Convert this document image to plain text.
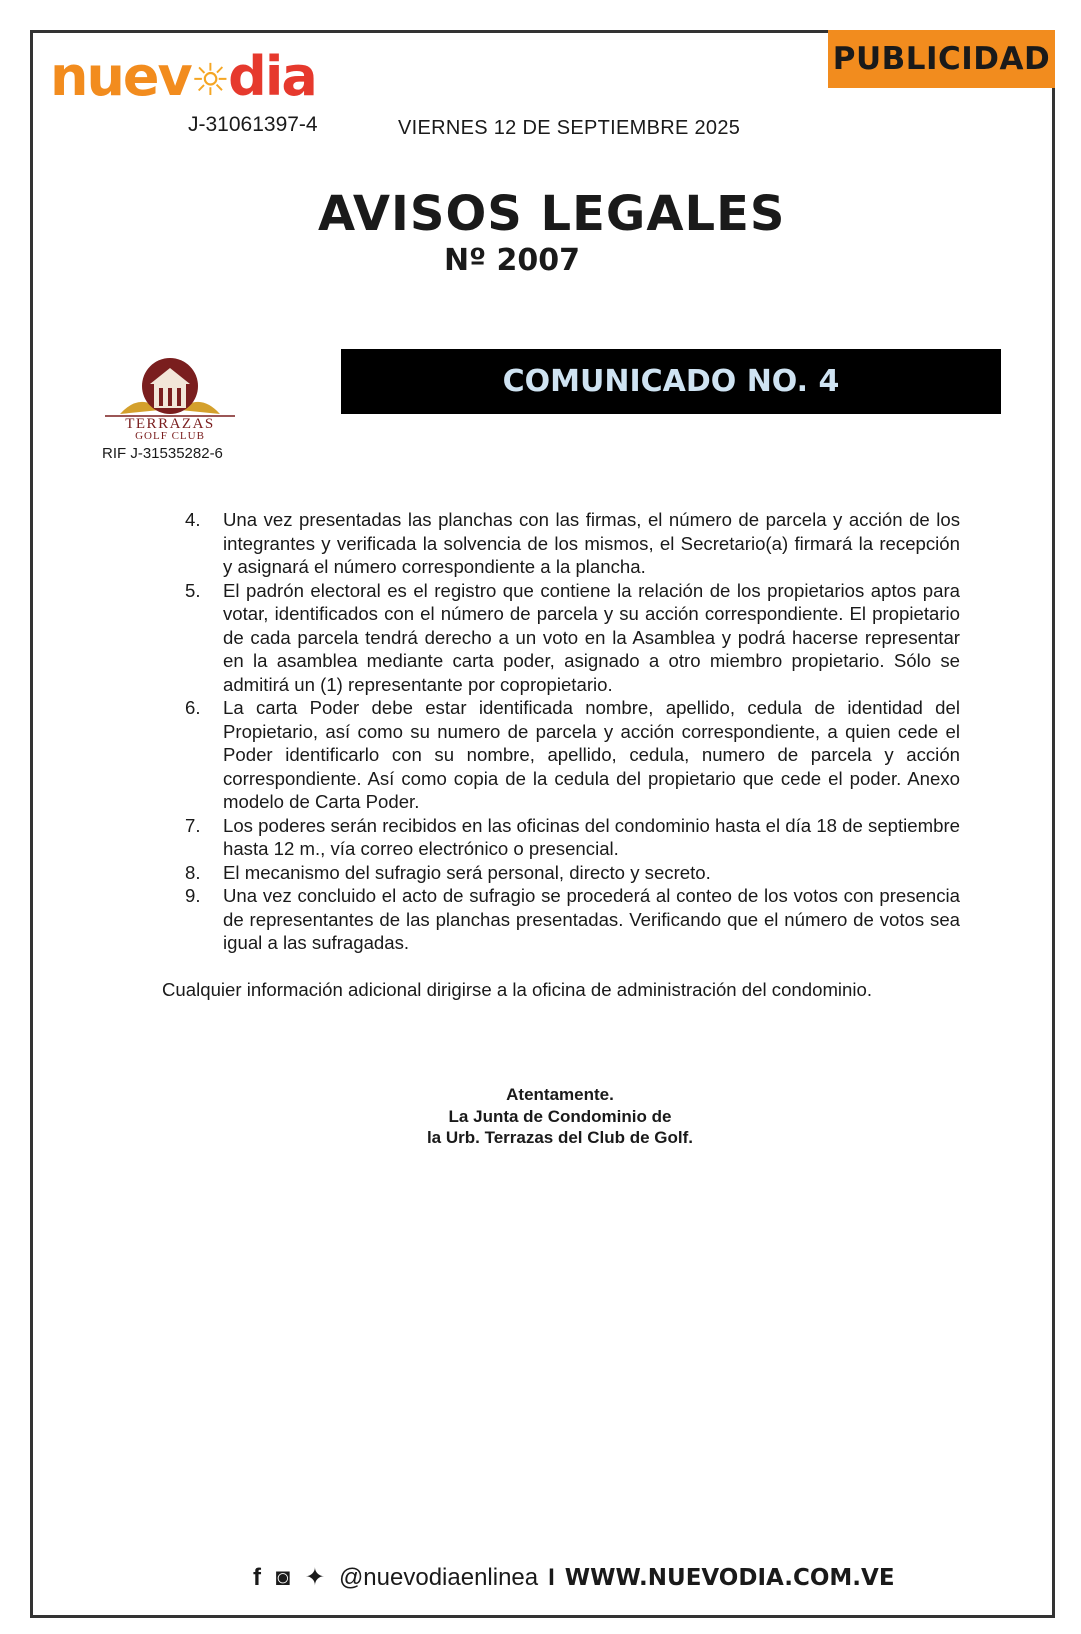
nuev☼dia
J-31061397-4	VIERNES 12 DE SEPTIEMBRE 2025
PUBLICIDAD
AVISOS LEGALES
Nº 2007
TERRAZAS
GOLF CLUB
RIF J-31535282-6
COMUNICADO NO. 4
4.	Una vez presentadas las planchas con las firmas, el número de parcela y acción de los integrantes y verificada la solvencia de los mismos, el Secretario(a) firmará la recepción y asignará el número correspondiente a la plancha.
5.	El padrón electoral es el registro que contiene la relación de los propietarios aptos para votar, identificados con el número de parcela y su acción correspondiente. El propietario de cada parcela tendrá derecho a un voto en la Asamblea y podrá hacerse representar en la asamblea mediante carta poder, asignado a otro miembro propietario. Sólo se admitirá un (1) representante por copropietario.
6.	La carta Poder debe estar identificada nombre, apellido, cedula de identidad del Propietario, así como su numero de parcela y acción correspondiente, a quien cede el Poder identificarlo con su nombre, apellido, cedula, numero de parcela y acción correspondiente. Así como copia de la cedula del propietario que cede el poder. Anexo modelo de Carta Poder.
7.	Los poderes serán recibidos en las oficinas del condominio hasta el día 18 de septiembre hasta 12 m., vía correo electrónico o presencial.
8.	El mecanismo del sufragio será personal, directo y secreto.
9.	Una vez concluido el acto de sufragio se procederá al conteo de los votos con presencia de representantes de las planchas presentadas. Verificando que el número de votos sea igual a las sufragadas.
Cualquier información adicional dirigirse a la oficina de administración del condominio.
Atentamente.
La Junta de Condominio de
la Urb. Terrazas del Club de Golf.
f ◙ ✦ @nuevodiaenlinea I WWW.NUEVODIA.COM.VE
